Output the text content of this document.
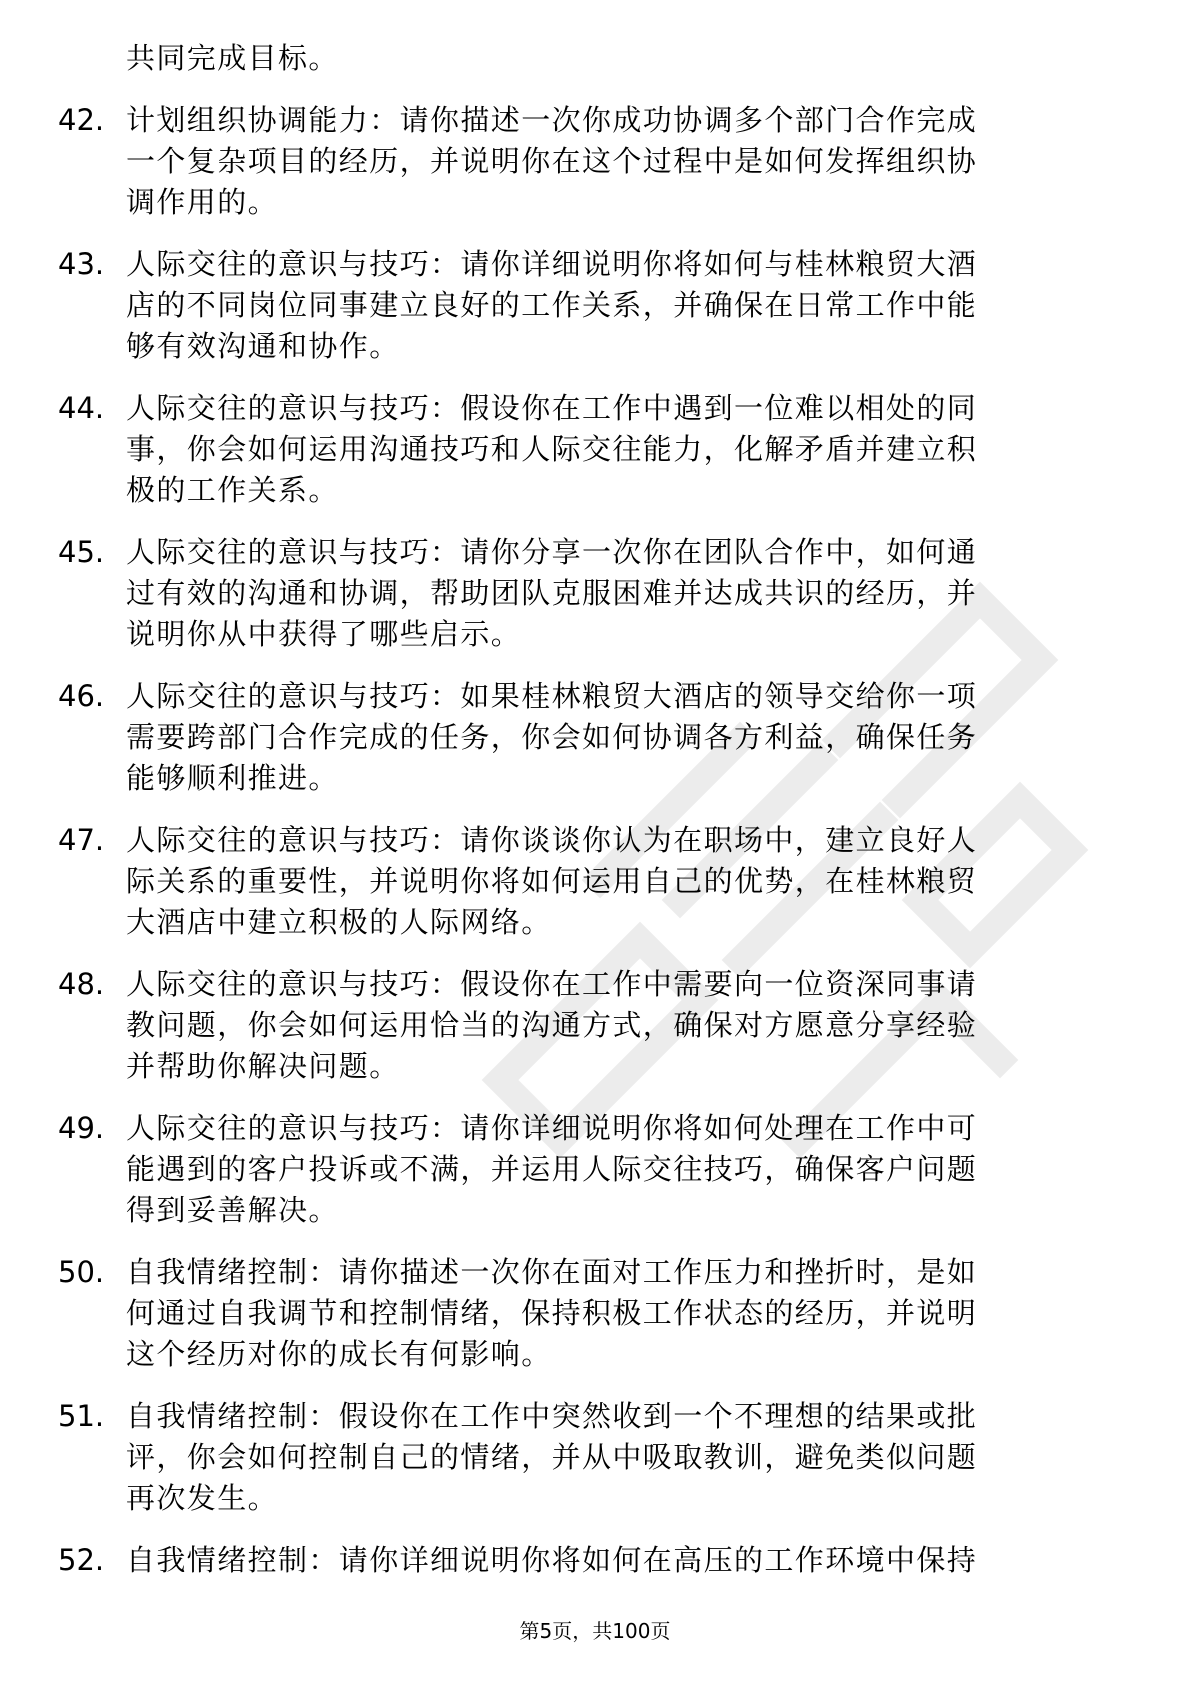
共同完成目标。
42. 计划组织协调能力：请你描述一次你成功协调多个部门合作完成
一个复杂项目的经历，并说明你在这个过程中是如何发挥组织协
调作用的。
43. 人际交往的意识与技巧：请你详细说明你将如何与桂林粮贸大酒
店的不同岗位同事建立良好的工作关系，并确保在日常工作中能
够有效沟通和协作。
44. 人际交往的意识与技巧：假设你在工作中遇到一位难以相处的同
事，你会如何运用沟通技巧和人际交往能力，化解矛盾并建立积
极的工作关系。
45. 人际交往的意识与技巧：请你分享一次你在团队合作中，如何通
过有效的沟通和协调，帮助团队克服困难并达成共识的经历，并
说明你从中获得了哪些启示。
46. 人际交往的意识与技巧：如果桂林粮贸大酒店的领导交给你一项
需要跨部门合作完成的任务，你会如何协调各方利益，确保任务
能够顺利推进。
47. 人际交往的意识与技巧：请你谈谈你认为在职场中，建立良好人
际关系的重要性，并说明你将如何运用自己的优势，在桂林粮贸
大酒店中建立积极的人际网络。
48. 人际交往的意识与技巧：假设你在工作中需要向一位资深同事请
教问题，你会如何运用恰当的沟通方式，确保对方愿意分享经验
并帮助你解决问题。
49. 人际交往的意识与技巧：请你详细说明你将如何处理在工作中可
能遇到的客户投诉或不满，并运用人际交往技巧，确保客户问题
得到妥善解决。
50. 自我情绪控制：请你描述一次你在面对工作压力和挫折时，是如
何通过自我调节和控制情绪，保持积极工作状态的经历，并说明
这个经历对你的成长有何影响。
51. 自我情绪控制：假设你在工作中突然收到一个不理想的结果或批
评，你会如何控制自己的情绪，并从中吸取教训，避免类似问题
再次发生。
52. 自我情绪控制：请你详细说明你将如何在高压的工作环境中保持
第5页，共100页
